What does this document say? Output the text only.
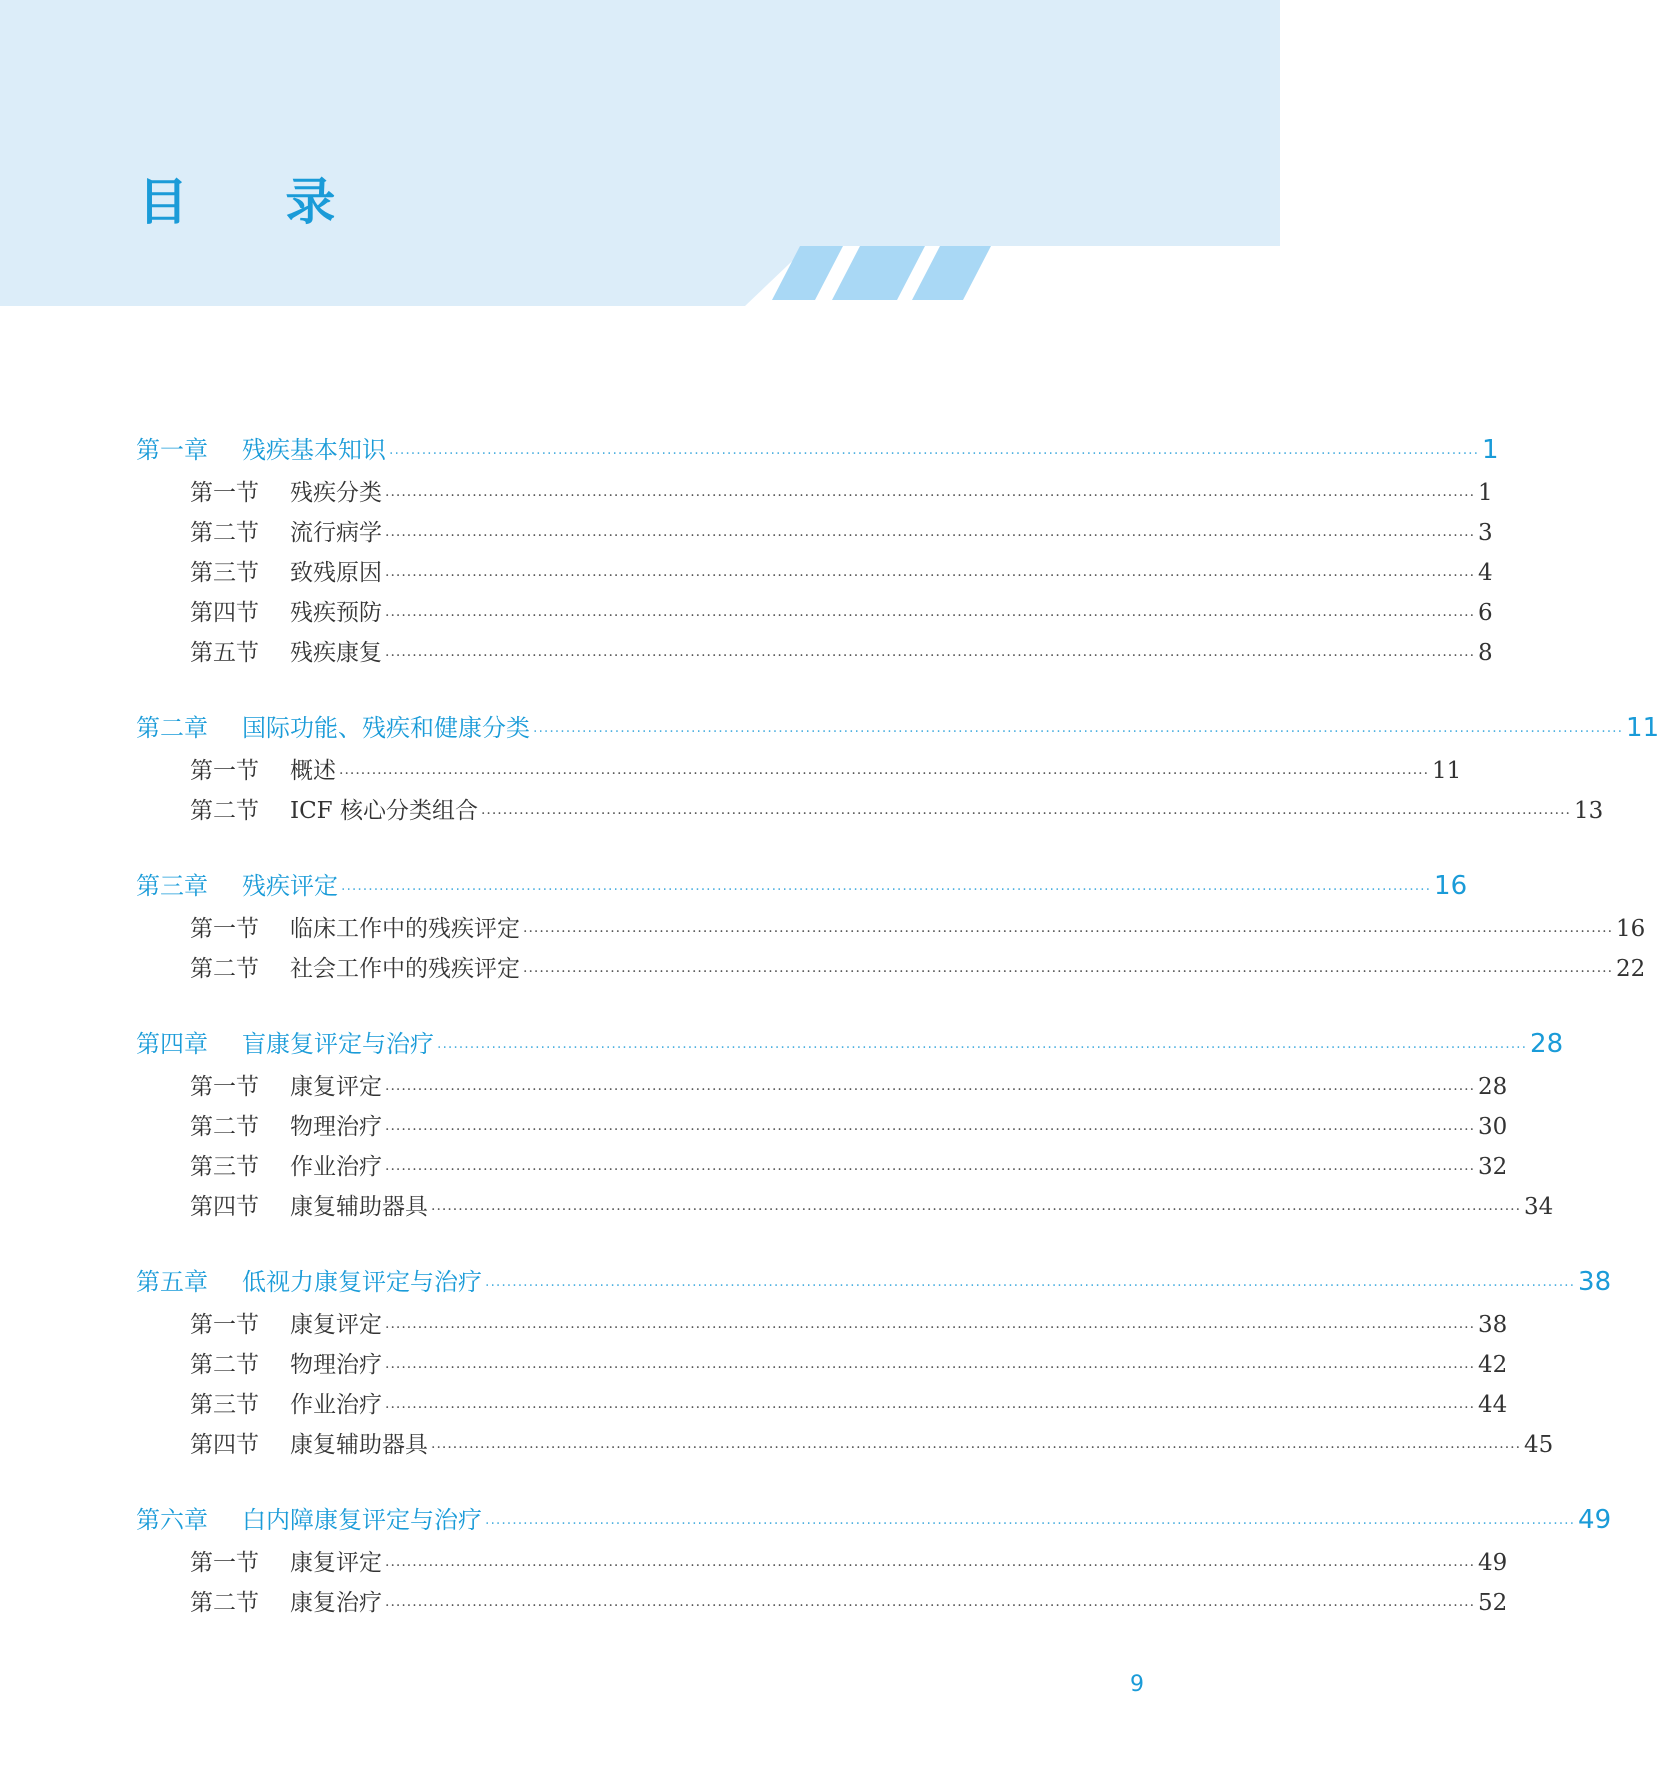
目 录
第一章	残疾基本知识 ········································································································································································································ 1
第一节	残疾分类 ········································································································································································································ 1
第二节	流行病学 ········································································································································································································ 3
第三节	致残原因 ········································································································································································································ 4
第四节	残疾预防 ········································································································································································································ 6
第五节	残疾康复 ········································································································································································································ 8
第二章	国际功能、残疾和健康分类 ········································································································································································································ 11
第一节	概述 ········································································································································································································ 11
第二节	ICF 核心分类组合 ········································································································································································································ 13
第三章	残疾评定 ········································································································································································································ 16
第一节	临床工作中的残疾评定 ········································································································································································································ 16
第二节	社会工作中的残疾评定 ········································································································································································································ 22
第四章	盲康复评定与治疗 ········································································································································································································ 28
第一节	康复评定 ········································································································································································································ 28
第二节	物理治疗 ········································································································································································································ 30
第三节	作业治疗 ········································································································································································································ 32
第四节	康复辅助器具 ········································································································································································································ 34
第五章	低视力康复评定与治疗 ········································································································································································································ 38
第一节	康复评定 ········································································································································································································ 38
第二节	物理治疗 ········································································································································································································ 42
第三节	作业治疗 ········································································································································································································ 44
第四节	康复辅助器具 ········································································································································································································ 45
第六章	白内障康复评定与治疗 ········································································································································································································ 49
第一节	康复评定 ········································································································································································································ 49
第二节	康复治疗 ········································································································································································································ 52
9
